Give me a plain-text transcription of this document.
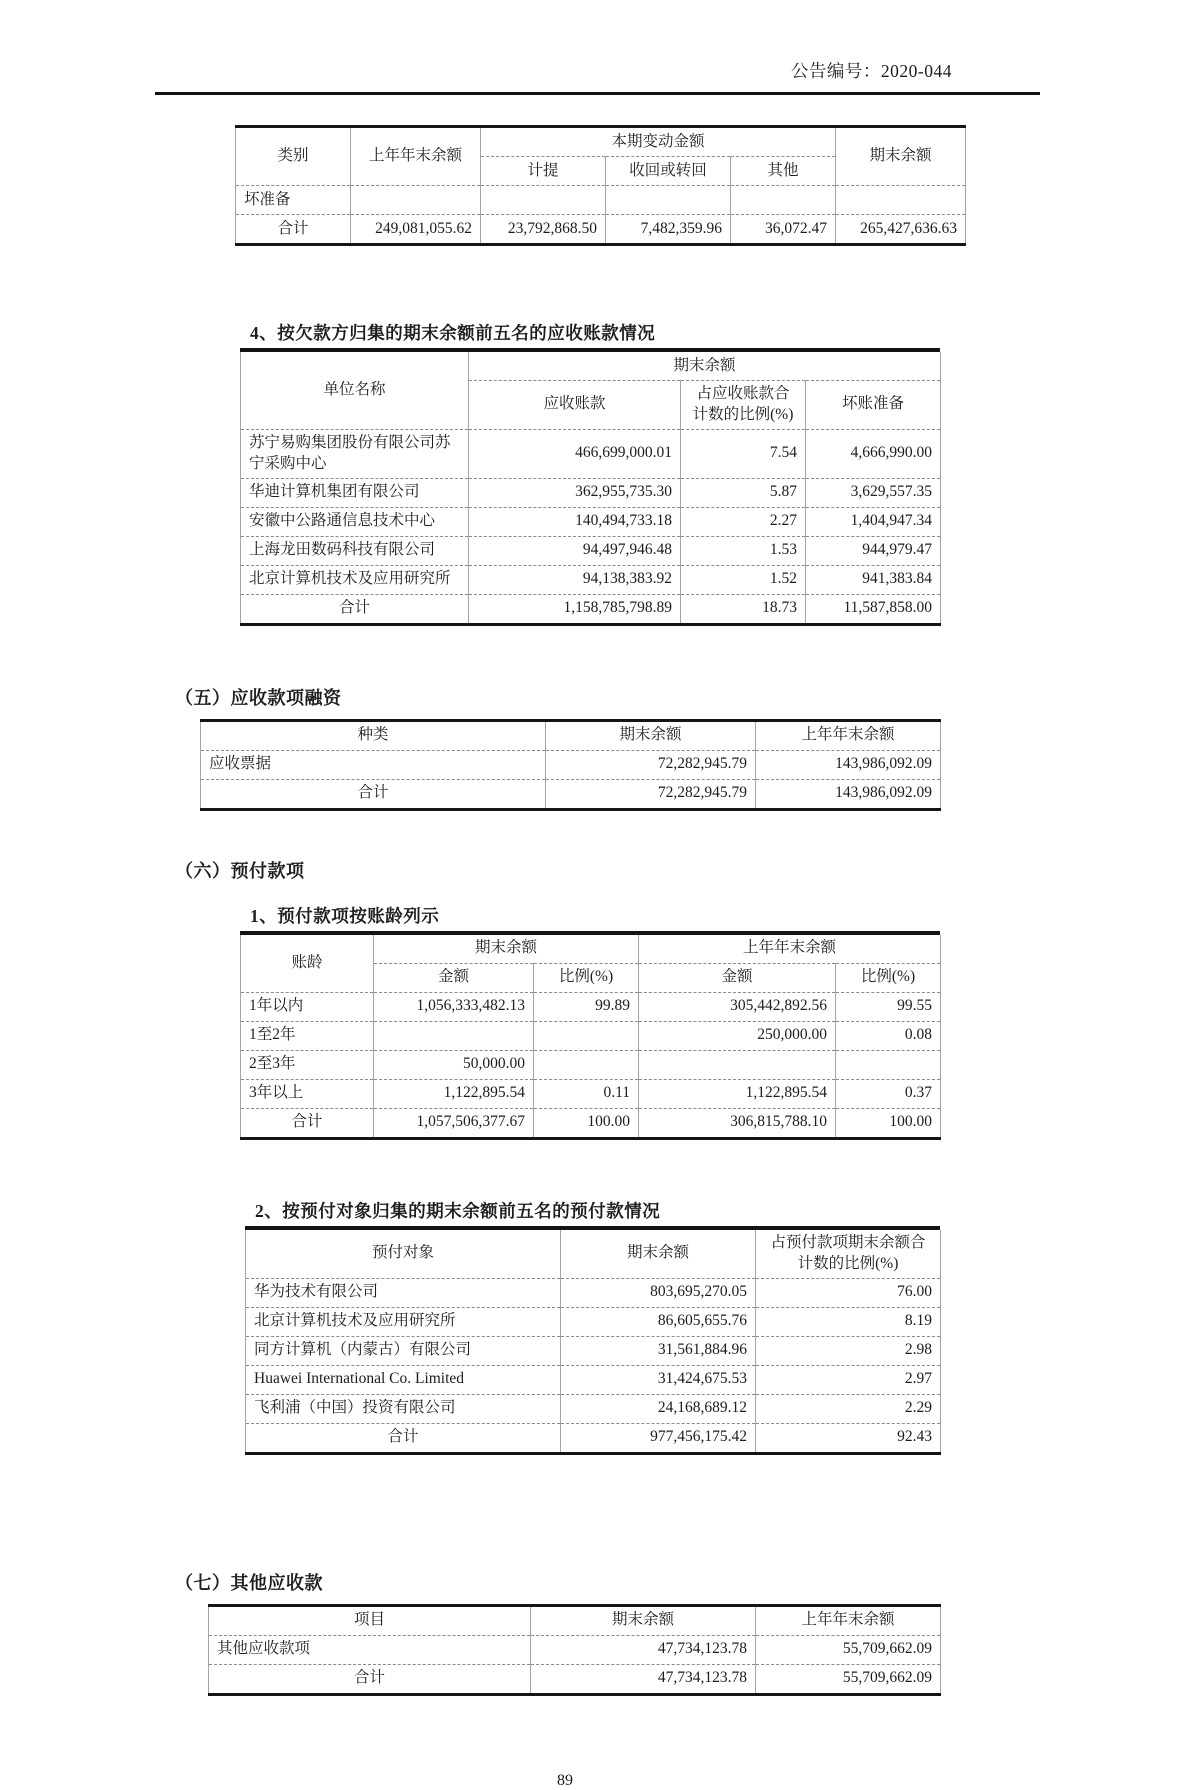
公告编号：2020-044
类别	上年年末余额	本期变动金额			期末余额
		计提	收回或转回	其他	
坏准备					
合计	249,081,055.62	23,792,868.50	7,482,359.96	36,072.47	265,427,636.63
4、按欠款方归集的期末余额前五名的应收账款情况
单位名称	期末余额		
	应收账款	占应收账款合计数的比例(%)	坏账准备
苏宁易购集团股份有限公司苏宁采购中心	466,699,000.01	7.54	4,666,990.00
华迪计算机集团有限公司	362,955,735.30	5.87	3,629,557.35
安徽中公路通信息技术中心	140,494,733.18	2.27	1,404,947.34
上海龙田数码科技有限公司	94,497,946.48	1.53	944,979.47
北京计算机技术及应用研究所	94,138,383.92	1.52	941,383.84
合计	1,158,785,798.89	18.73	11,587,858.00
（五）应收款项融资
种类	期末余额	上年年末余额
应收票据	72,282,945.79	143,986,092.09
合计	72,282,945.79	143,986,092.09
（六）预付款项
1、预付款项按账龄列示
账龄	期末余额		上年年末余额	
	金额	比例(%)	金额	比例(%)
1年以内	1,056,333,482.13	99.89	305,442,892.56	99.55
1至2年			250,000.00	0.08
2至3年	50,000.00			
3年以上	1,122,895.54	0.11	1,122,895.54	0.37
合计	1,057,506,377.67	100.00	306,815,788.10	100.00
2、按预付对象归集的期末余额前五名的预付款情况
预付对象	期末余额	占预付款项期末余额合计数的比例(%)
华为技术有限公司	803,695,270.05	76.00
北京计算机技术及应用研究所	86,605,655.76	8.19
同方计算机（内蒙古）有限公司	31,561,884.96	2.98
Huawei International Co. Limited	31,424,675.53	2.97
飞利浦（中国）投资有限公司	24,168,689.12	2.29
合计	977,456,175.42	92.43
（七）其他应收款
项目	期末余额	上年年末余额
其他应收款项	47,734,123.78	55,709,662.09
合计	47,734,123.78	55,709,662.09
89
